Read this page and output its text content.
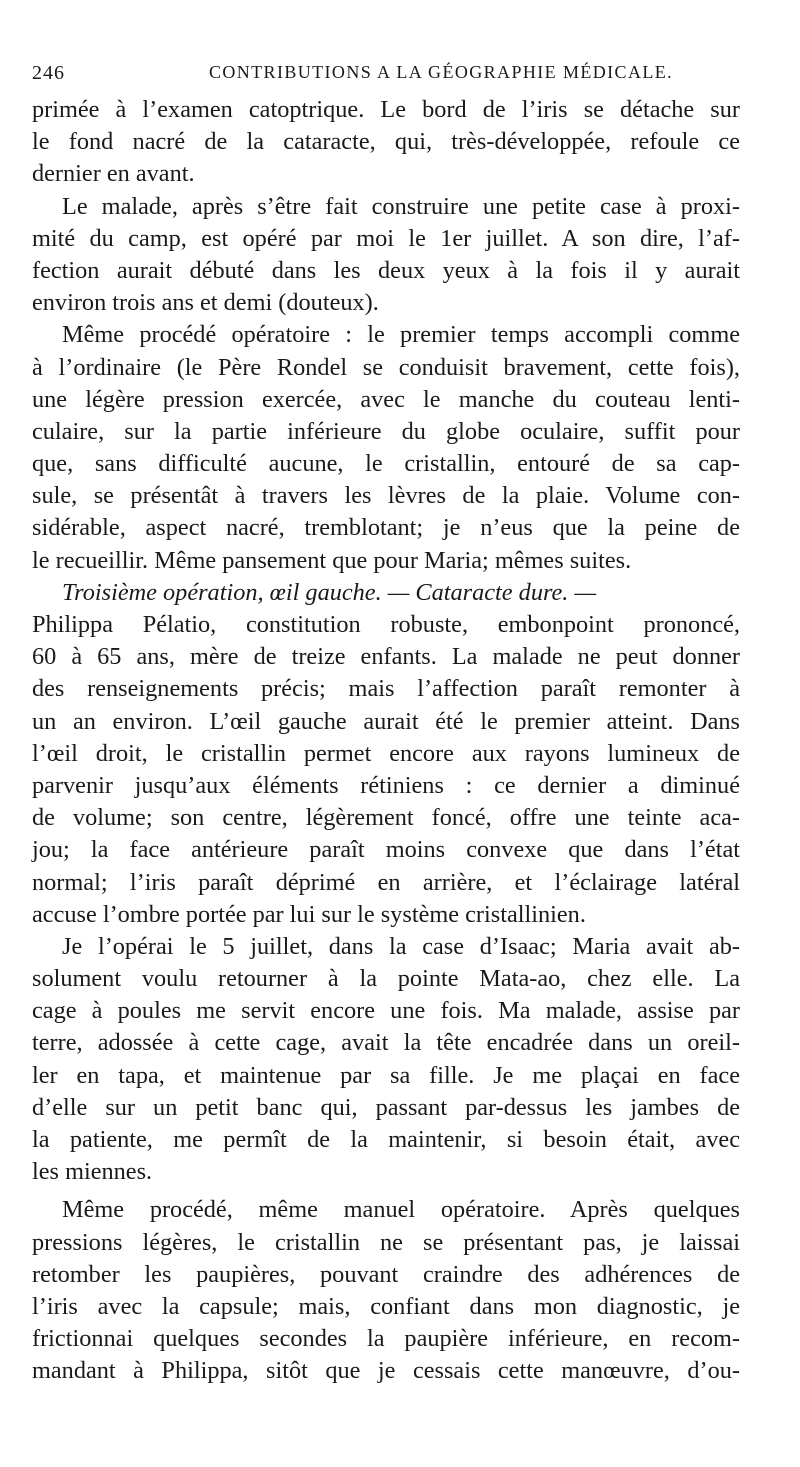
246	CONTRIBUTIONS A LA GÉOGRAPHIE MÉDICALE.
primée à l’examen catoptrique. Le bord de l’iris se détache sur
le fond nacré de la cataracte, qui, très-développée, refoule ce
dernier en avant.
Le malade, après s’être fait construire une petite case à proxi-
mité du camp, est opéré par moi le 1er juillet. A son dire, l’af-
fection aurait débuté dans les deux yeux à la fois il y aurait
environ trois ans et demi (douteux).
Même procédé opératoire : le premier temps accompli comme
à l’ordinaire (le Père Rondel se conduisit bravement, cette fois),
une légère pression exercée, avec le manche du couteau lenti-
culaire, sur la partie inférieure du globe oculaire, suffit pour
que, sans difficulté aucune, le cristallin, entouré de sa cap-
sule, se présentât à travers les lèvres de la plaie. Volume con-
sidérable, aspect nacré, tremblotant; je n’eus que la peine de
le recueillir. Même pansement que pour Maria; mêmes suites.
Troisième opération, œil gauche. — Cataracte dure. —
Philippa Pélatio, constitution robuste, embonpoint prononcé,
60 à 65 ans, mère de treize enfants. La malade ne peut donner
des renseignements précis; mais l’affection paraît remonter à
un an environ. L’œil gauche aurait été le premier atteint. Dans
l’œil droit, le cristallin permet encore aux rayons lumineux de
parvenir jusqu’aux éléments rétiniens : ce dernier a diminué
de volume; son centre, légèrement foncé, offre une teinte aca-
jou; la face antérieure paraît moins convexe que dans l’état
normal; l’iris paraît déprimé en arrière, et l’éclairage latéral
accuse l’ombre portée par lui sur le système cristallinien.
Je l’opérai le 5 juillet, dans la case d’Isaac; Maria avait ab-
solument voulu retourner à la pointe Mata-ao, chez elle. La
cage à poules me servit encore une fois. Ma malade, assise par
terre, adossée à cette cage, avait la tête encadrée dans un oreil-
ler en tapa, et maintenue par sa fille. Je me plaçai en face
d’elle sur un petit banc qui, passant par-dessus les jambes de
la patiente, me permît de la maintenir, si besoin était, avec
les miennes.
Même procédé, même manuel opératoire. Après quelques
pressions légères, le cristallin ne se présentant pas, je laissai
retomber les paupières, pouvant craindre des adhérences de
l’iris avec la capsule; mais, confiant dans mon diagnostic, je
frictionnai quelques secondes la paupière inférieure, en recom-
mandant à Philippa, sitôt que je cessais cette manœuvre, d’ou-
